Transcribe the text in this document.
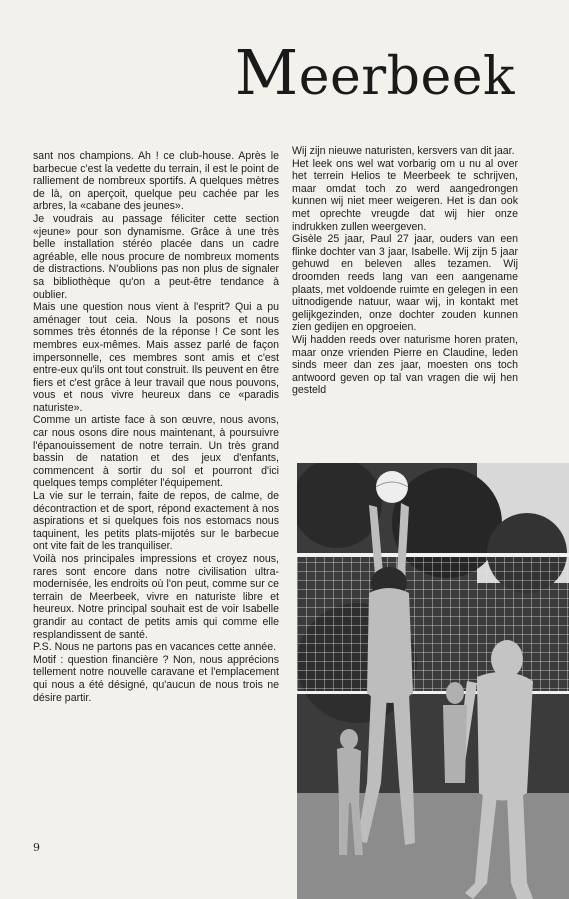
Meerbeek

sant nos champions. Ah ! ce club-house. Après le barbecue c'est la vedette du terrain, il est le point de ralliement de nombreux sportifs. A quelques mètres de là, on aperçoit, quelque peu cachée par les arbres, la «cabane des jeunes».

Je voudrais au passage féliciter cette section «jeune» pour son dynamisme. Grâce à une très belle installation stéréo placée dans un cadre agréable, elle nous procure de nombreux moments de distractions. N'oublions pas non plus de signaler sa bibliothèque qu'on a peut-être tendance à oublier.

Mais une question nous vient à l'esprit? Qui a pu aménager tout ceia. Nous la posons et nous sommes très étonnés de la réponse ! Ce sont les membres eux-mêmes. Mais assez parlé de façon impersonnelle, ces membres sont amis et c'est entre-eux qu'ils ont tout construit. Ils peuvent en être fiers et c'est grâce à leur travail que nous pouvons, vous et nous vivre heureux dans ce «paradis naturiste».

Comme un artiste face à son œuvre, nous avons, car nous osons dire nous maintenant, à poursuivre l'épanouissement de notre terrain. Un très grand bassin de natation et des jeux d'enfants, commencent à sortir du sol et pourront d'ici quelques temps compléter l'équipement.

La vie sur le terrain, faite de repos, de calme, de décontraction et de sport, répond exactement à nos aspirations et si quelques fois nos estomacs nous taquinent, les petits plats-mijotés sur le barbecue ont vite fait de les tranquiliser.

Voilà nos principales impressions et croyez nous, rares sont encore dans notre civilisation ultra-modernisée, les endroits où l'on peut, comme sur ce terrain de Meerbeek, vivre en naturiste libre et heureux. Notre principal souhait est de voir Isabelle grandir au contact de petits amis qui comme elle resplandissent de santé.

P.S. Nous ne partons pas en vacances cette année.

Motif : question financière ? Non, nous apprécions tellement notre nouvelle caravane et l'emplacement qui nous a été désigné, qu'aucun de nous trois ne désire partir.

Wij zijn nieuwe naturisten, kersvers van dit jaar.

Het leek ons wel wat vorbarig om u nu al over het terrein Helios te Meerbeek te schrijven, maar omdat toch zo werd aangedrongen kunnen wij niet meer weigeren. Het is dan ook met oprechte vreugde dat wij hier onze indrukken zullen weergeven.

Gisèle 25 jaar, Paul 27 jaar, ouders van een flinke dochter van 3 jaar, Isabelle. Wij zijn 5 jaar gehuwd en beleven alles tezamen. Wij droomden reeds lang van een aangename plaats, met voldoende ruimte en gelegen in een uitnodigende natuur, waar wij, in kontakt met gelijkgezinden, onze dochter zouden kunnen zien gedijen en opgroeien.

Wij hadden reeds over naturisme horen praten, maar onze vrienden Pierre en Claudine, leden sinds meer dan zes jaar, moesten ons toch antwoord geven op tal van vragen die wij hen gesteld

9
